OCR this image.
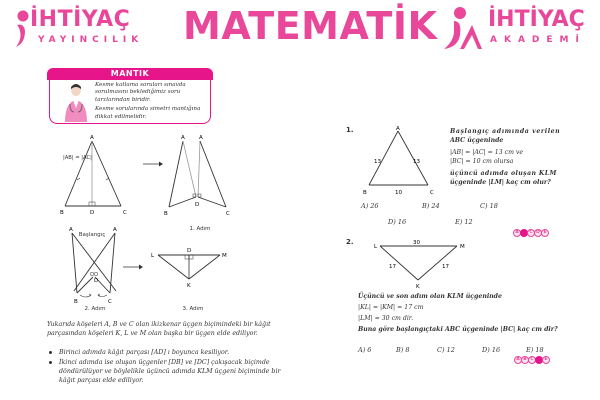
İHTİYAÇ
YAYINCILIK MATEMATİK İHTİYAÇ
AKADEMİ
MANTIK

Kesme katlama soruları sınavda sorulmasını beklediğimiz soru tarzlarından biridir.

Kesme sorularında simetri mantığına dikkat edilmelidir.

A
B	D	C
Başlangıç
|AB| = |AC|
A	A
B
D
C
1. Adım
A	A
D
B	C
2. Adım
L	M
D
K
3. Adım
Yukarıda köşeleri A, B ve C olan ikizkenar üçgen biçimindeki bir kâğıt parçasından köşeleri K, L ve M olan başka bir üçgen elde ediliyor.
Birinci adımda kâğıt parçası [AD] ı boyunca kesiliyor.
İkinci adımda ise oluşan üçgenler [DB] ve [DC] çakışacak biçimde döndürülüyor ve böylelikle üçüncü adımda KLM üçgeni biçiminde bir kâğıt parçası elde ediliyor.
1.	A
B	C
13	13
10
Başlangıç adımında verilen
ABC üçgeninde
|AB| = |AC| = 13 cm ve
|BC| = 10 cm olursa
üçüncü adımda oluşan KLM
üçgeninde |LM| kaç cm olur?
A) 26	B) 24	C) 18
D) 16	E) 12
A B C D E
2.
L	M
K
30
17	17
Üçüncü ve son adım olan KLM üçgeninde
|KL| = |KM| = 17 cm
|LM| = 30 cm dir.
Buna göre başlangıçtaki ABC üçgeninde |BC| kaç cm dir?
A) 6	B) 8	C) 12	D) 16	E) 18
A B C D E
